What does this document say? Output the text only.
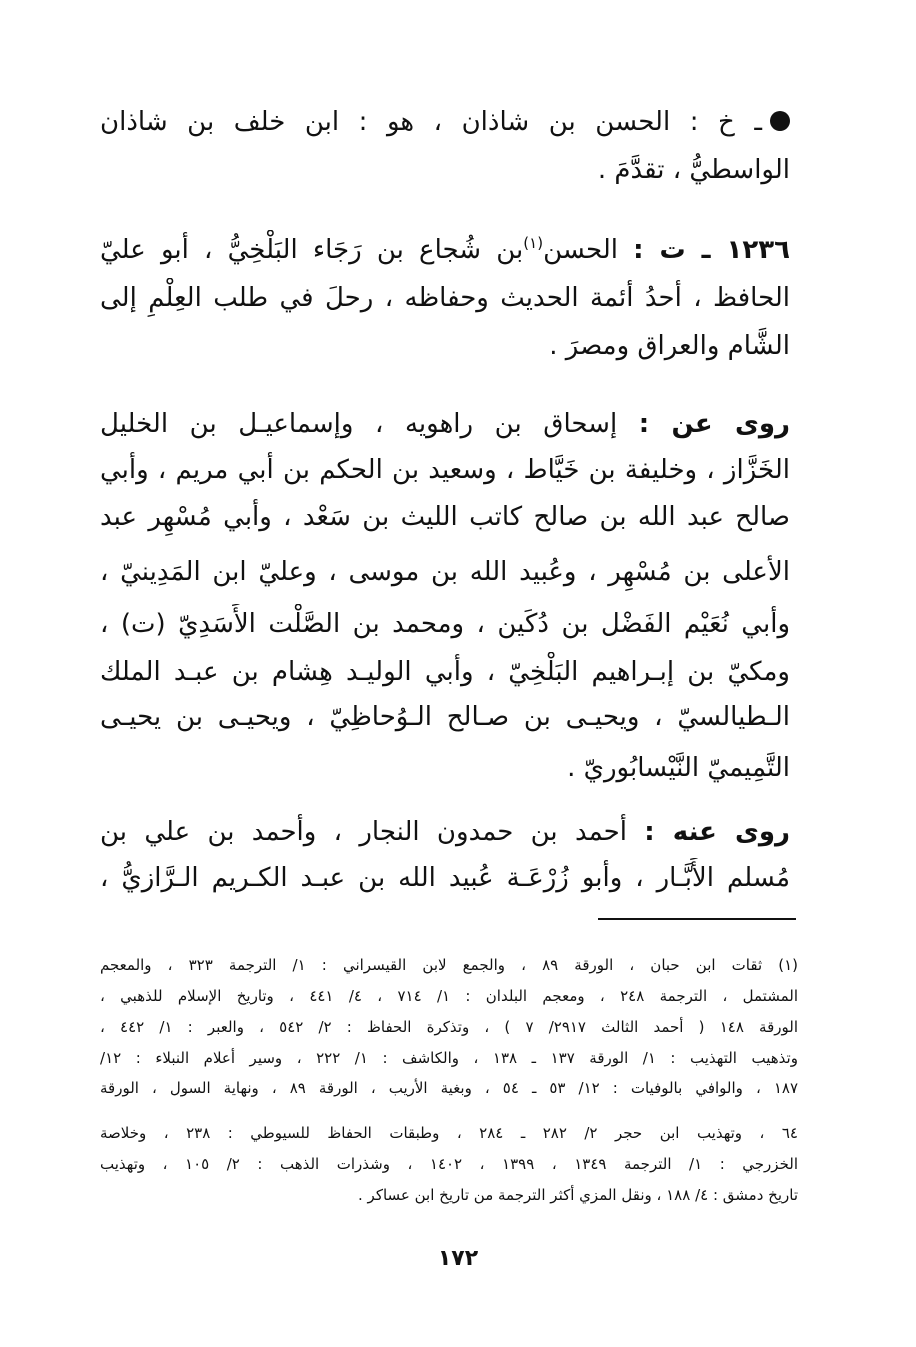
ـ خ : الحسن بن شاذان ، هو : ابن خلف بن شاذان
الواسطيُّ ، تقدَّمَ .
١٢٣٦ ـ ت : الحسن$^{(١)}$بن شُجاع بن رَجَاء البَلْخِيُّ ، أبو عليّ
الحافظ ، أحدُ أئمة الحديث وحفاظه ، رحلَ في طلب العِلْمِ إلى
الشَّام والعراق ومصرَ .
روى عن : إسحاق بن راهويه ، وإسماعيـل بن الخليل
الخَزَّاز ، وخليفة بن خَيَّاط ، وسعيد بن الحكم بن أبي مريم ، وأبي
صالح عبد الله بن صالح كاتب الليث بن سَعْد ، وأبي مُسْهِر عبد
الأعلى بن مُسْهِر ، وعُبيد الله بن موسى ، وعليّ ابن المَدِينيّ ،
وأبي نُعَيْم الفَضْل بن دُكَين ، ومحمد بن الصَّلْت الأَسَدِيّ (ت) ،
ومكيّ بن إبـراهيم البَلْخِيّ ، وأبي الوليـد هِشام بن عبـد الملك
الـطيالسيّ ، ويحيـى بن صـالح الـوُحاظِيّ ، ويحيـى بن يحيـى
التَّمِيميّ النَّيْسابُوريّ .
روى عنه : أحمد بن حمدون النجار ، وأحمد بن علي بن
مُسلم الأَبَّـار ، وأبو زُرْعَـة عُبيد الله بن عبـد الكـريم الـرَّازيُّ ،
(١) ثقات ابن حبان ، الورقة ٨٩ ، والجمع لابن القيسراني : ١/ الترجمة ٣٢٣ ، والمعجم
المشتمل ، الترجمة ٢٤٨ ، ومعجم البلدان : ١/ ٧١٤ ، ٤/ ٤٤١ ، وتاريخ الإسلام للذهبي ،
الورقة ١٤٨ ( أحمد الثالث ٢٩١٧/ ٧ ) ، وتذكرة الحفاظ : ٢/ ٥٤٢ ، والعبر : ١/ ٤٤٢ ،
وتذهيب التهذيب : ١/ الورقة ١٣٧ ـ ١٣٨ ، والكاشف : ١/ ٢٢٢ ، وسير أعلام النبلاء : ١٢/
١٨٧ ، والوافي بالوفيات : ١٢/ ٥٣ ـ ٥٤ ، وبغية الأريب ، الورقة ٨٩ ، ونهاية السول ، الورقة
٦٤ ، وتهذيب ابن حجر ٢/ ٢٨٢ ـ ٢٨٤ ، وطبقات الحفاظ للسيوطي : ٢٣٨ ، وخلاصة
الخزرجي : ١/ الترجمة ١٣٤٩ ، ١٣٩٩ ، ١٤٠٢ ، وشذرات الذهب : ٢/ ١٠٥ ، وتهذيب
تاريخ دمشق : ٤/ ١٨٨ ، ونقل المزي أكثر الترجمة من تاريخ ابن عساكر .
١٧٢
